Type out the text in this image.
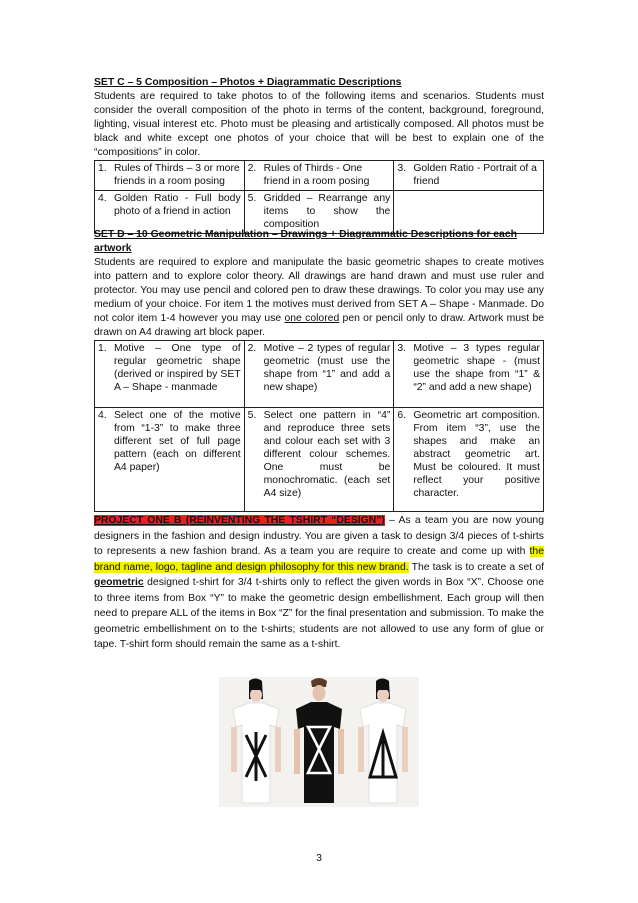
SET C – 5 Composition – Photos + Diagrammatic Descriptions
Students are required to take photos to of the following items and scenarios. Students must consider the overall composition of the photo in terms of the content, background, foreground, lighting, visual interest etc. Photo must be pleasing and artistically composed. All photos must be black and white except one photos of your choice that will be best to explain one of the “compositions” in color.
1. Rules of Thirds – 3 or more friends in a room posing	2. Rules of Thirds - One friend in a room posing	3. Golden Ratio - Portrait of a friend

4. Golden Ratio - Full body photo of a friend in action	5. Gridded – Rearrange any items to show the composition	

SET D – 10 Geometric Manipulation – Drawings + Diagrammatic Descriptions for each artwork
Students are required to explore and manipulate the basic geometric shapes to create motives into pattern and to explore color theory. All drawings are hand drawn and must use ruler and protector. You may use pencil and colored pen to draw these drawings. To color you may use any medium of your choice. For item 1 the motives must derived from SET A – Shape - Manmade. Do not color item 1-4 however you may use one colored pen or pencil only to draw. Artwork must be drawn on A4 drawing art block paper.
1. Motive – One type of regular geometric shape (derived or inspired by SET A – Shape - manmade	2. Motive – 2 types of regular geometric (must use the shape from “1” and add a new shape)	3. Motive – 3 types regular geometric shape - (must use the shape from “1” & “2” and add a new shape)

4. Select one of the motive from “1-3” to make three different set of full page pattern (each on different A4 paper)	5. Select one pattern in “4” and reproduce three sets and colour each set with 3 different colour schemes. One must be monochromatic. (each set A4 size)	6. Geometric art composition. From item “3”, use the shapes and make an abstract geometric art. Must be coloured. It must reflect your positive character.
PROJECT ONE B (REINVENTING THE TSHIRT “DESIGN”) – As a team you are now young designers in the fashion and design industry. You are given a task to design 3/4 pieces of t-shirts to represents a new fashion brand. As a team you are require to create and come up with the brand name, logo, tagline and design philosophy for this new brand. The task is to create a set of geometric designed t-shirt for 3/4 t-shirts only to reflect the given words in Box “X”. Choose one to three items from Box “Y” to make the geometric design embellishment. Each group will then need to prepare ALL of the items in Box “Z” for the final presentation and submission. To make the geometric embellishment on to the t-shirts; students are not allowed to use any form of glue or tape. T-shirt form should remain the same as a t-shirt.
3
